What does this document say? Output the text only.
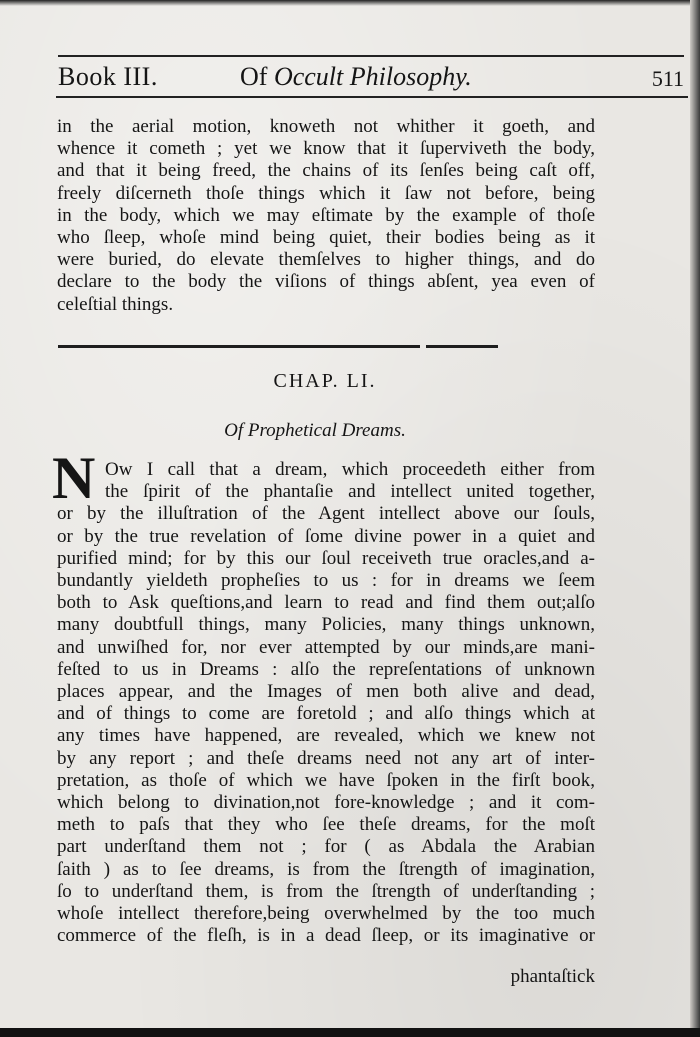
Book III.	Of Occult Philosophy.	511
in the aerial motion, knoweth not whither it goeth, and
whence it cometh ; yet we know that it ſuperviveth the body,
and that it being freed, the chains of its ſenſes being caſt off,
freely diſcerneth thoſe things which it ſaw not before, being
in the body, which we may eſtimate by the example of thoſe
who ſleep, whoſe mind being quiet, their bodies being as it
were buried, do elevate themſelves to higher things, and do
declare to the body the viſions of things abſent, yea even of
celeſtial things.
CHAP. LI.
Of Prophetical Dreams.
N Ow I call that a dream, which proceedeth either from
the ſpirit of the phantaſie and intellect united together,
or by the illuſtration of the Agent intellect above our ſouls,
or by the true revelation of ſome divine power in a quiet and
purified mind; for by this our ſoul receiveth true oracles,and a-
bundantly yieldeth propheſies to us : for in dreams we ſeem
both to Ask queſtions,and learn to read and find them out;alſo
many doubtfull things, many Policies, many things unknown,
and unwiſhed for, nor ever attempted by our minds,are mani-
feſted to us in Dreams : alſo the repreſentations of unknown
places appear, and the Images of men both alive and dead,
and of things to come are foretold ; and alſo things which at
any times have happened, are revealed, which we knew not
by any report ; and theſe dreams need not any art of inter-
pretation, as thoſe of which we have ſpoken in the firſt book,
which belong to divination,not fore-knowledge ; and it com-
meth to paſs that they who ſee theſe dreams, for the moſt
part underſtand them not ; for ( as Abdala the Arabian
ſaith ) as to ſee dreams, is from the ſtrength of imagination,
ſo to underſtand them, is from the ſtrength of underſtanding ;
whoſe intellect therefore,being overwhelmed by the too much
commerce of the fleſh, is in a dead ſleep, or its imaginative or
phantaſtick
